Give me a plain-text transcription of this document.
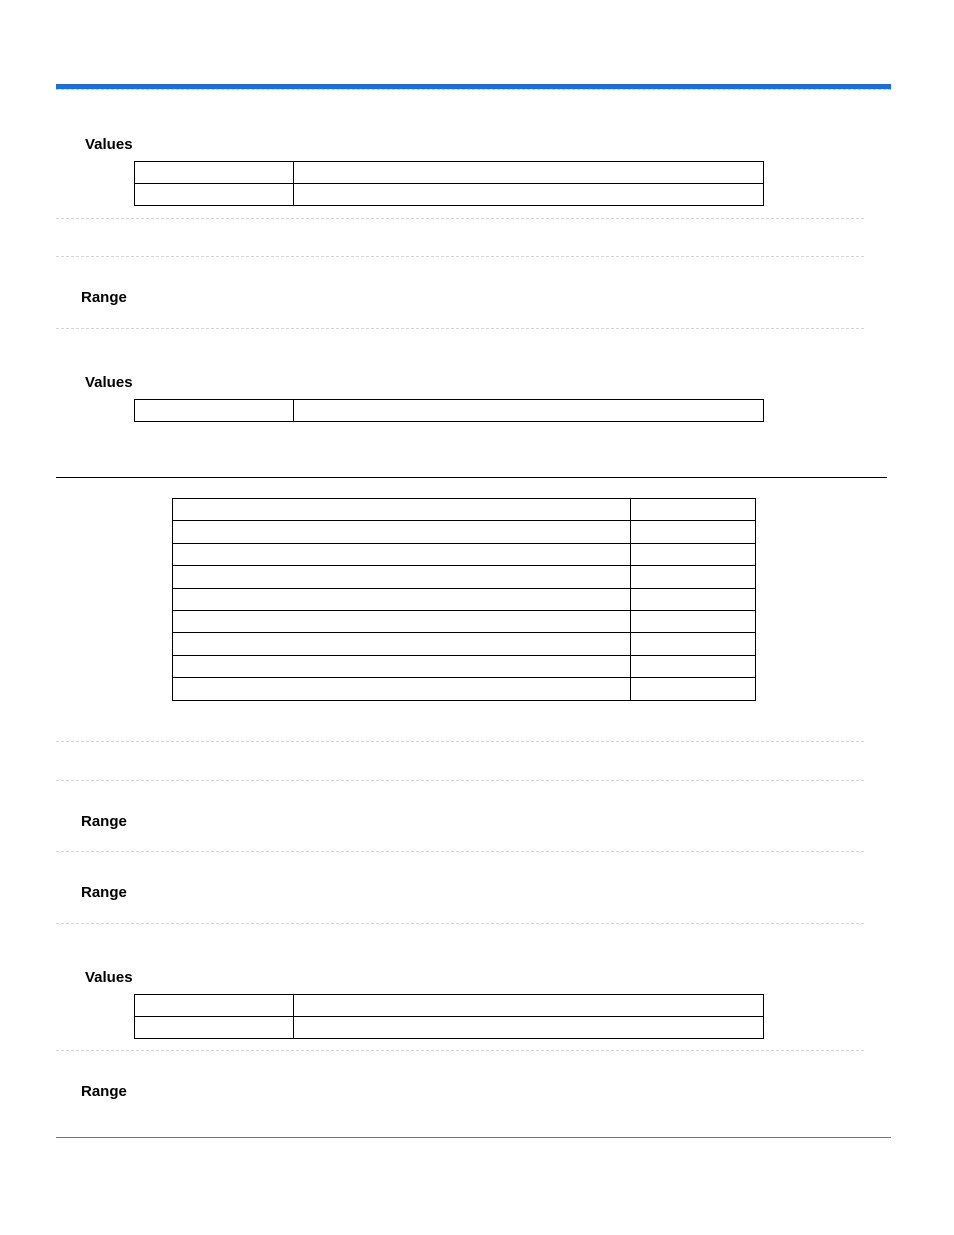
Values

Range
Values

Range
Range
Values

Range
